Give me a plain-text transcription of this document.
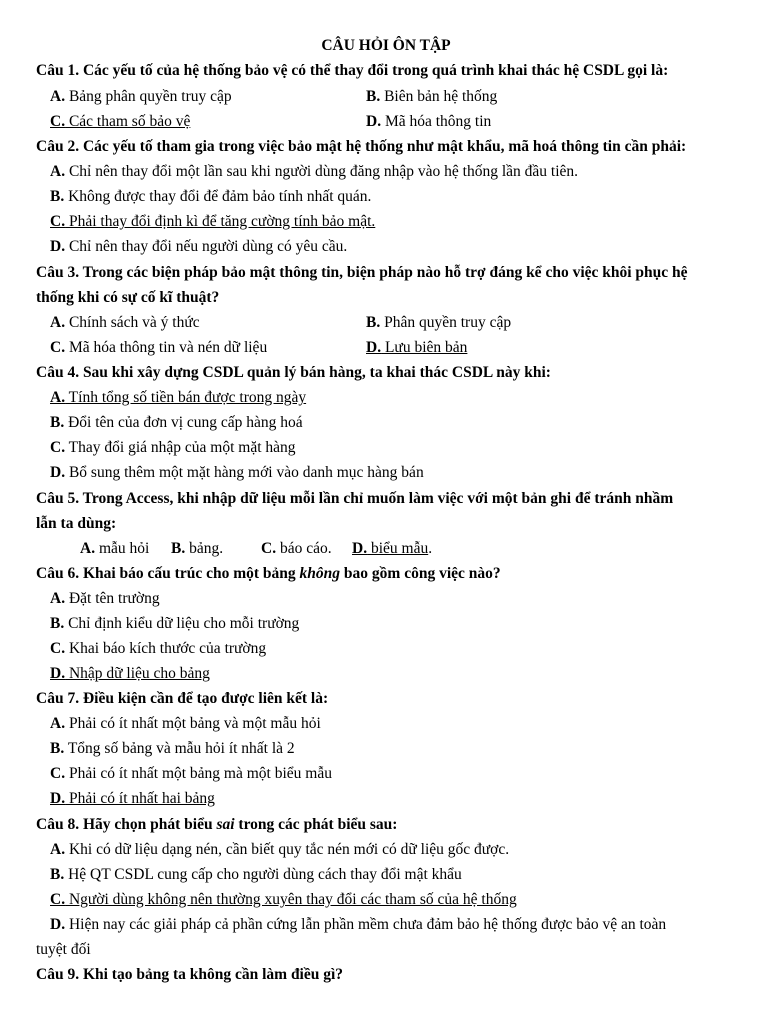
CÂU HỎI ÔN TẬP
Câu 1. Các yếu tố của hệ thống bảo vệ có thể thay đổi trong quá trình khai thác hệ CSDL gọi là:
A. Bảng phân quyền truy cập	B. Biên bản hệ thống
C. Các tham số bảo vệ	D. Mã hóa thông tin
Câu 2. Các yếu tố tham gia trong việc bảo mật hệ thống như mật khẩu, mã hoá thông tin cần phải:
A. Chỉ nên thay đổi một lần sau khi người dùng đăng nhập vào hệ thống lần đầu tiên.
B. Không được thay đổi để đảm bảo tính nhất quán.
C. Phải thay đổi định kì để tăng cường tính bảo mật.
D. Chỉ nên thay đổi nếu người dùng có yêu cầu.
Câu 3. Trong các biện pháp bảo mật thông tin, biện pháp nào hỗ trợ đáng kể cho việc khôi phục hệ
thống khi có sự cố kĩ thuật?
A. Chính sách và ý thức	B. Phân quyền truy cập
C. Mã hóa thông tin và nén dữ liệu	D. Lưu biên bản
Câu 4. Sau khi xây dựng CSDL quản lý bán hàng, ta khai thác CSDL này khi:
A. Tính tổng số tiền bán được trong ngày
B. Đổi tên của đơn vị cung cấp hàng hoá
C. Thay đổi giá nhập của một mặt hàng
D. Bổ sung thêm một mặt hàng mới vào danh mục hàng bán
Câu 5. Trong Access, khi nhập dữ liệu mỗi lần chỉ muốn làm việc với một bản ghi để tránh nhầm
lẫn ta dùng:
A. mẫu hỏi B. bảng. C. báo cáo. D. biểu mẫu.
Câu 6. Khai báo cấu trúc cho một bảng không bao gồm công việc nào?
A. Đặt tên trường
B. Chỉ định kiểu dữ liệu cho mỗi trường
C. Khai báo kích thước của trường
D. Nhập dữ liệu cho bảng
Câu 7. Điều kiện cần để tạo được liên kết là:
A. Phải có ít nhất một bảng và một mẫu hỏi
B. Tổng số bảng và mẫu hỏi ít nhất là 2
C. Phải có ít nhất một bảng mà một biểu mẫu
D. Phải có ít nhất hai bảng
Câu 8. Hãy chọn phát biểu sai trong các phát biểu sau:
A. Khi có dữ liệu dạng nén, cần biết quy tắc nén mới có dữ liệu gốc được.
B. Hệ QT CSDL cung cấp cho người dùng cách thay đổi mật khẩu
C. Người dùng không nên thường xuyên thay đổi các tham số của hệ thống
D. Hiện nay các giải pháp cả phần cứng lẫn phần mềm chưa đảm bảo hệ thống được bảo vệ an toàn
tuyệt đối
Câu 9. Khi tạo bảng ta không cần làm điều gì?
